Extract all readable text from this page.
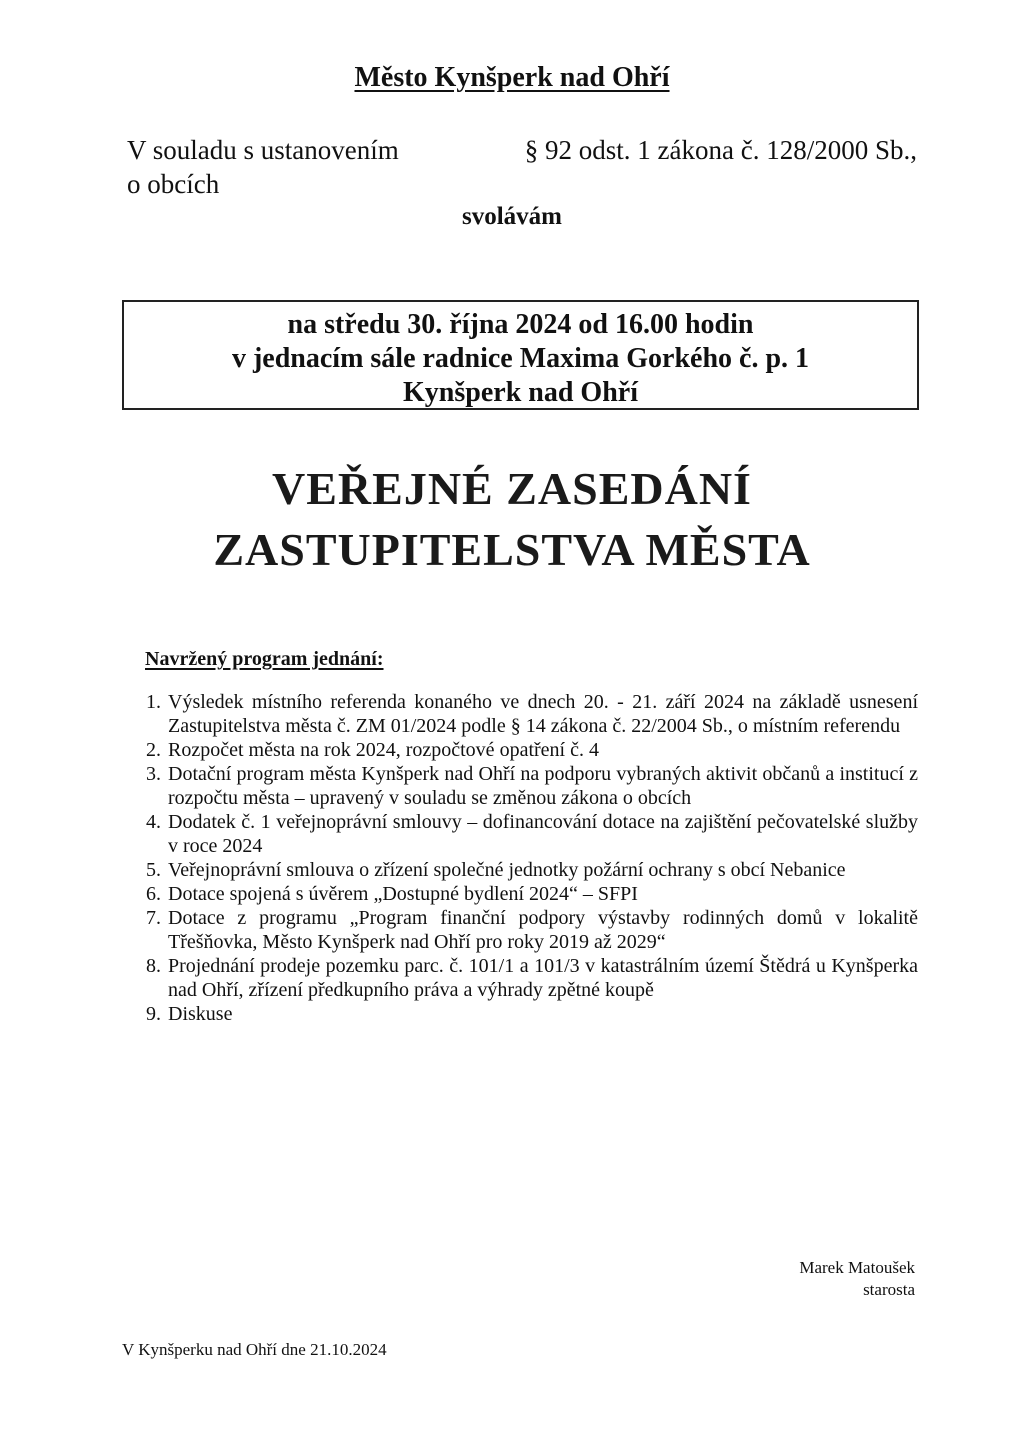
Město Kynšperk nad Ohří
V souladu s ustanovením	§ 92 odst. 1 zákona č. 128/2000 Sb.,
o obcích
svolávám
na středu 30. října 2024 od 16.00 hodin
v jednacím sále radnice Maxima Gorkého č. p. 1
Kynšperk nad Ohří
VEŘEJNÉ ZASEDÁNÍ
ZASTUPITELSTVA MĚSTA
Navržený program jednání:
1. Výsledek místního referenda konaného ve dnech 20. - 21. září 2024 na základě usnesení Zastupitelstva města č. ZM 01/2024 podle § 14 zákona č. 22/2004 Sb., o místním referendu
2. Rozpočet města na rok 2024, rozpočtové opatření č. 4
3. Dotační program města Kynšperk nad Ohří na podporu vybraných aktivit občanů a institucí z rozpočtu města – upravený v souladu se změnou zákona o obcích
4. Dodatek č. 1 veřejnoprávní smlouvy – dofinancování dotace na zajištění pečovatelské služby v roce 2024
5. Veřejnoprávní smlouva o zřízení společné jednotky požární ochrany s obcí Nebanice
6. Dotace spojená s úvěrem „Dostupné bydlení 2024“ – SFPI
7. Dotace z programu „Program finanční podpory výstavby rodinných domů v lokalitě Třešňovka, Město Kynšperk nad Ohří pro roky 2019 až 2029“
8. Projednání prodeje pozemku parc. č. 101/1 a 101/3 v katastrálním území Štědrá u Kynšperka nad Ohří, zřízení předkupního práva a výhrady zpětné koupě
9. Diskuse
Marek Matoušek
starosta
V Kynšperku nad Ohří dne 21.10.2024
